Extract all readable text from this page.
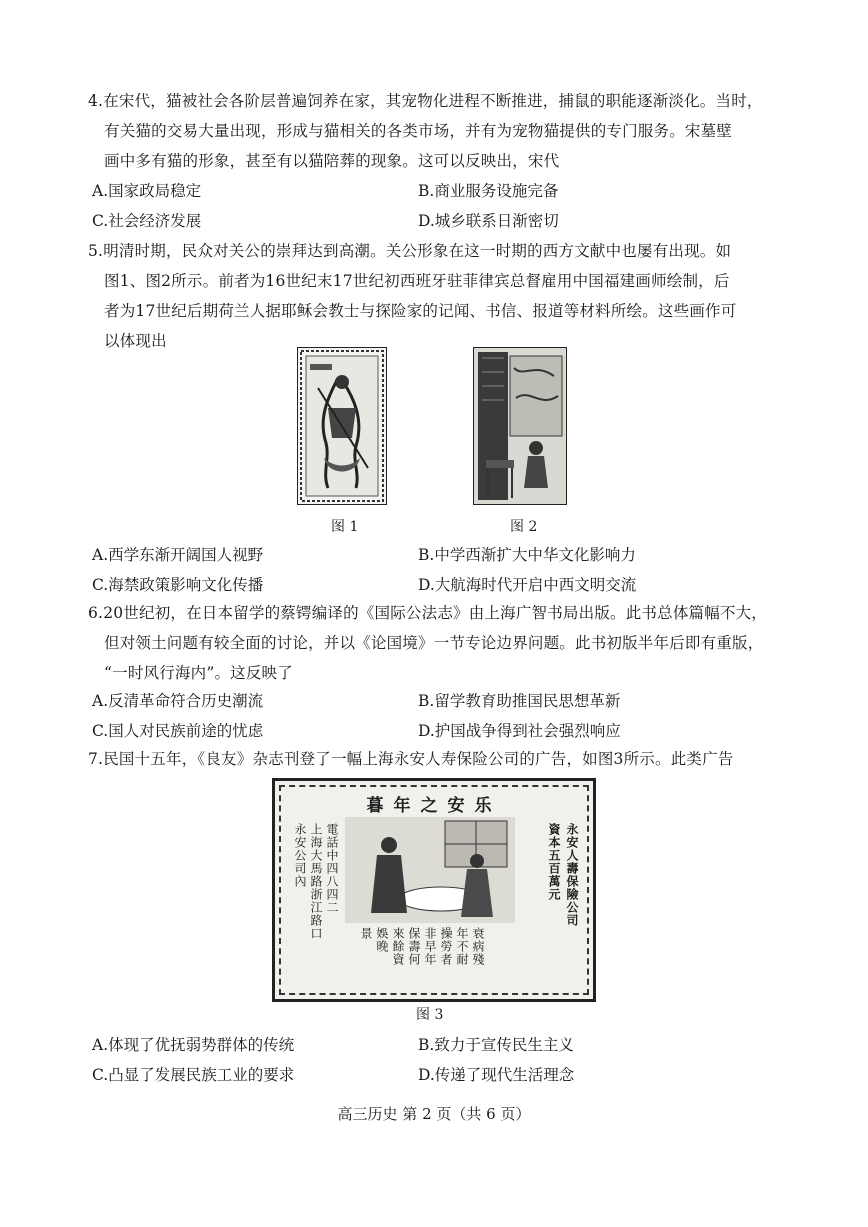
4.在宋代，猫被社会各阶层普遍饲养在家，其宠物化进程不断推进，捕鼠的职能逐渐淡化。当时，
有关猫的交易大量出现，形成与猫相关的各类市场，并有为宠物猫提供的专门服务。宋墓壁
画中多有猫的形象，甚至有以猫陪葬的现象。这可以反映出，宋代
A.国家政局稳定	B.商业服务设施完备
C.社会经济发展	D.城乡联系日渐密切
5.明清时期，民众对关公的崇拜达到高潮。关公形象在这一时期的西方文献中也屡有出现。如
图1、图2所示。前者为16世纪末17世纪初西班牙驻菲律宾总督雇用中国福建画师绘制，后
者为17世纪后期荷兰人据耶稣会教士与探险家的记闻、书信、报道等材料所绘。这些画作可
以体现出
图 1	图 2
A.西学东渐开阔国人视野	B.中学西渐扩大中华文化影响力
C.海禁政策影响文化传播	D.大航海时代开启中西文明交流
6.20世纪初，在日本留学的蔡锷编译的《国际公法志》由上海广智书局出版。此书总体篇幅不大，
但对领土问题有较全面的讨论，并以《论国境》一节专论边界问题。此书初版半年后即有重版，
“一时风行海内”。这反映了
A.反清革命符合历史潮流	B.留学教育助推国民思想革新
C.国人对民族前途的忧虑	D.护国战争得到社会强烈响应
7.民国十五年，《良友》杂志刊登了一幅上海永安人寿保险公司的广告，如图3所示。此类广告
暮年之安乐
永安人壽保險公司
資本五百萬元
上海大馬路浙江路口
永安公司內 電話中四八四二
衰病殘
年不耐
操勞者
非早年
保壽何
來餘資
娛晚
景
图 3
A.体现了优抚弱势群体的传统	B.致力于宣传民生主义
C.凸显了发展民族工业的要求	D.传递了现代生活理念
高三历史 第 2 页（共 6 页）
